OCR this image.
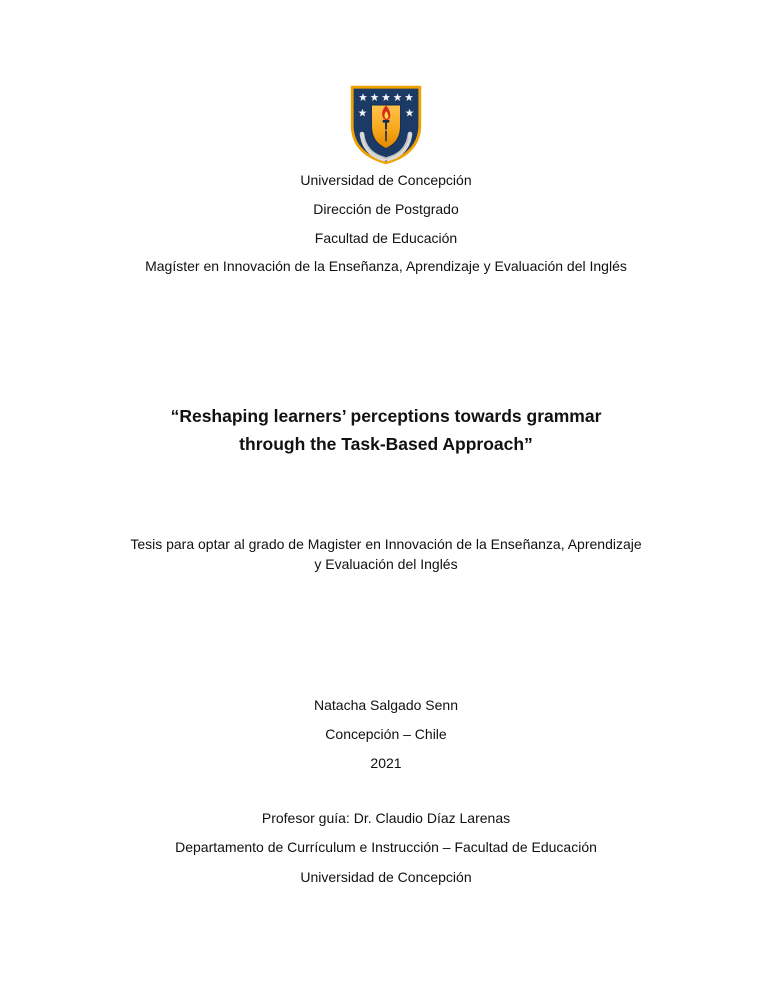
Universidad de Concepción
Dirección de Postgrado
Facultad de Educación
Magíster en Innovación de la Enseñanza, Aprendizaje y Evaluación del Inglés
“Reshaping learners’ perceptions towards grammar
through the Task-Based Approach”
Tesis para optar al grado de Magister en Innovación de la Enseñanza, Aprendizaje
y Evaluación del Inglés
Natacha Salgado Senn
Concepción – Chile
2021
Profesor guía: Dr. Claudio Díaz Larenas
Departamento de Currículum e Instrucción – Facultad de Educación
Universidad de Concepción
